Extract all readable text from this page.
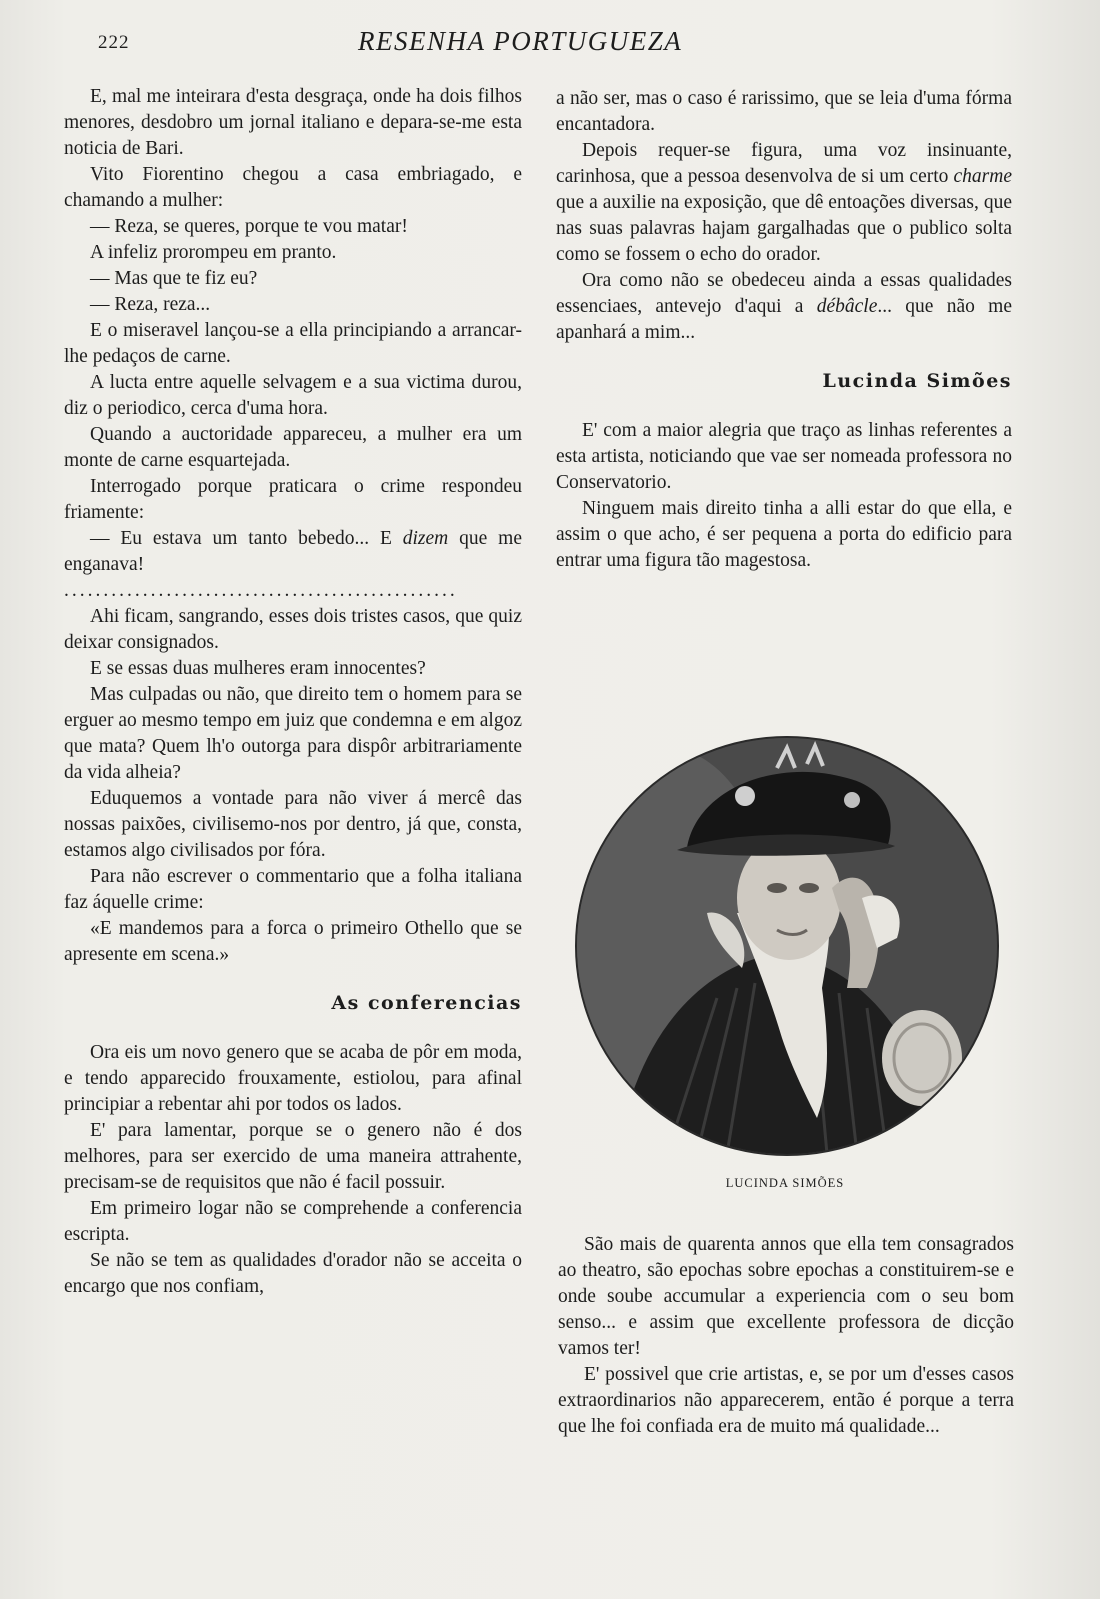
222	RESENHA PORTUGUEZA

E, mal me inteirara d'esta desgraça, onde ha dois filhos menores, desdobro um jornal italiano e depara-se-me esta noticia de Bari.

Vito Fiorentino chegou a casa embriagado, e chamando a mulher:

— Reza, se queres, porque te vou matar!

A infeliz prorompeu em pranto.

— Mas que te fiz eu?

— Reza, reza...

E o miseravel lançou-se a ella principiando a arrancar-lhe pedaços de carne.

A lucta entre aquelle selvagem e a sua victima durou, diz o periodico, cerca d'uma hora.

Quando a auctoridade appareceu, a mulher era um monte de carne esquartejada.

Interrogado porque praticara o crime respondeu friamente:

— Eu estava um tanto bebedo... E dizem que me enganava!

..................................................

Ahi ficam, sangrando, esses dois tristes casos, que quiz deixar consignados.

E se essas duas mulheres eram innocentes?

Mas culpadas ou não, que direito tem o homem para se erguer ao mesmo tempo em juiz que condemna e em algoz que mata? Quem lh'o outorga para dispôr arbitrariamente da vida alheia?

Eduquemos a vontade para não viver á mercê das nossas paixões, civilisemo-nos por dentro, já que, consta, estamos algo civilisados por fóra.

Para não escrever o commentario que a folha italiana faz áquelle crime:

«E mandemos para a forca o primeiro Othello que se apresente em scena.»

As conferencias

Ora eis um novo genero que se acaba de pôr em moda, e tendo apparecido frouxamente, estiolou, para afinal principiar a rebentar ahi por todos os lados.

E' para lamentar, porque se o genero não é dos melhores, para ser exercido de uma maneira attrahente, precisam-se de requisitos que não é facil possuir.

Em primeiro logar não se comprehende a conferencia escripta.

Se não se tem as qualidades d'orador não se acceita o encargo que nos confiam,

a não ser, mas o caso é rarissimo, que se leia d'uma fórma encantadora.

Depois requer-se figura, uma voz insinuante, carinhosa, que a pessoa desenvolva de si um certo charme que a auxilie na exposição, que dê entoações diversas, que nas suas palavras hajam gargalhadas que o publico solta como se fossem o echo do orador.

Ora como não se obedeceu ainda a essas qualidades essenciaes, antevejo d'aqui a débâcle... que não me apanhará a mim...

Lucinda Simões

E' com a maior alegria que traço as linhas referentes a esta artista, noticiando que vae ser nomeada professora no Conservatorio.

Ninguem mais direito tinha a alli estar do que ella, e assim o que acho, é ser pequena a porta do edificio para entrar uma figura tão magestosa.

LUCINDA SIMÕES

São mais de quarenta annos que ella tem consagrados ao theatro, são epochas sobre epochas a constituirem-se e onde soube accumular a experiencia com o seu bom senso... e assim que excellente professora de dicção vamos ter!

E' possivel que crie artistas, e, se por um d'esses casos extraordinarios não apparecerem, então é porque a terra que lhe foi confiada era de muito má qualidade...
